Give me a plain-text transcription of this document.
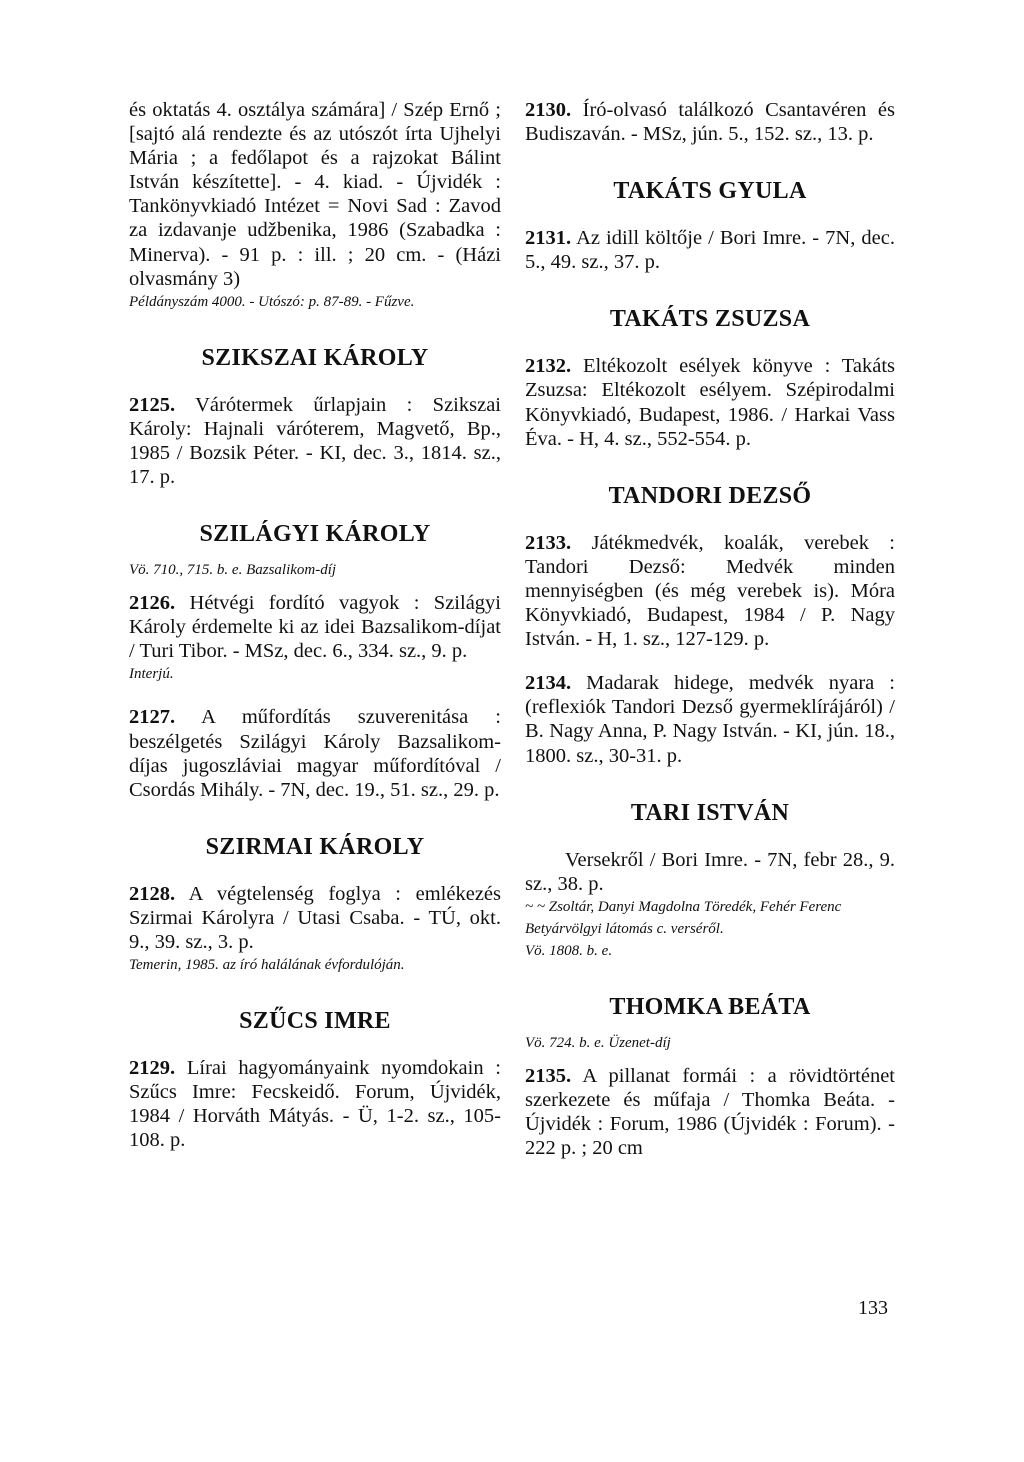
és oktatás 4. osztálya számára] / Szép Ernő ; [sajtó alá rendezte és az utószót írta Ujhelyi Mária ; a fedőlapot és a rajzokat Bálint István készítette]. - 4. kiad. - Újvidék : Tankönyvkiadó Intézet = Novi Sad : Zavod za izdavanje udžbenika, 1986 (Szabadka : Minerva). - 91 p. : ill. ; 20 cm. - (Házi olvasmány 3)

Példányszám 4000. - Utószó: p. 87-89. - Fűzve.

SZIKSZAI KÁROLY

2125. Várótermek űrlapjain : Szikszai Károly: Hajnali váróterem, Magvető, Bp., 1985 / Bozsik Péter. - KI, dec. 3., 1814. sz., 17. p.

SZILÁGYI KÁROLY

Vö. 710., 715. b. e. Bazsalikom-díj

2126. Hétvégi fordító vagyok : Szilágyi Károly érdemelte ki az idei Bazsalikom-díjat / Turi Tibor. - MSz, dec. 6., 334. sz., 9. p.

Interjú.

2127. A műfordítás szuverenitása : beszélgetés Szilágyi Károly Bazsalikom-díjas jugoszláviai magyar műfordítóval / Csordás Mihály. - 7N, dec. 19., 51. sz., 29. p.

SZIRMAI KÁROLY

2128. A végtelenség foglya : emlékezés Szirmai Károlyra / Utasi Csaba. - TÚ, okt. 9., 39. sz., 3. p.

Temerin, 1985. az író halálának évfordulóján.

SZŰCS IMRE

2129. Lírai hagyományaink nyomdokain : Szűcs Imre: Fecskeidő. Forum, Újvidék, 1984 / Horváth Mátyás. - Ü, 1-2. sz., 105-108. p.

2130. Író-olvasó találkozó Csantavéren és Budiszaván. - MSz, jún. 5., 152. sz., 13. p.

TAKÁTS GYULA

2131. Az idill költője / Bori Imre. - 7N, dec. 5., 49. sz., 37. p.

TAKÁTS ZSUZSA

2132. Eltékozolt esélyek könyve : Takáts Zsuzsa: Eltékozolt esélyem. Szépirodalmi Könyvkiadó, Budapest, 1986. / Harkai Vass Éva. - H, 4. sz., 552-554. p.

TANDORI DEZSŐ

2133. Játékmedvék, koalák, verebek : Tandori Dezső: Medvék minden mennyiségben (és még verebek is). Móra Könyvkiadó, Budapest, 1984 / P. Nagy István. - H, 1. sz., 127-129. p.

2134. Madarak hidege, medvék nyara : (reflexiók Tandori Dezső gyermeklírájáról) / B. Nagy Anna, P. Nagy István. - KI, jún. 18., 1800. sz., 30-31. p.

TARI ISTVÁN

Versekről / Bori Imre. - 7N, febr 28., 9. sz., 38. p.

~ ~ Zsoltár, Danyi Magdolna Töredék, Fehér Ferenc Betyárvölgyi látomás c. verséről.

Vö. 1808. b. e.

THOMKA BEÁTA

Vö. 724. b. e. Üzenet-díj

2135. A pillanat formái : a rövidtörténet szerkezete és műfaja / Thomka Beáta. - Újvidék : Forum, 1986 (Újvidék : Forum). - 222 p. ; 20 cm

133
